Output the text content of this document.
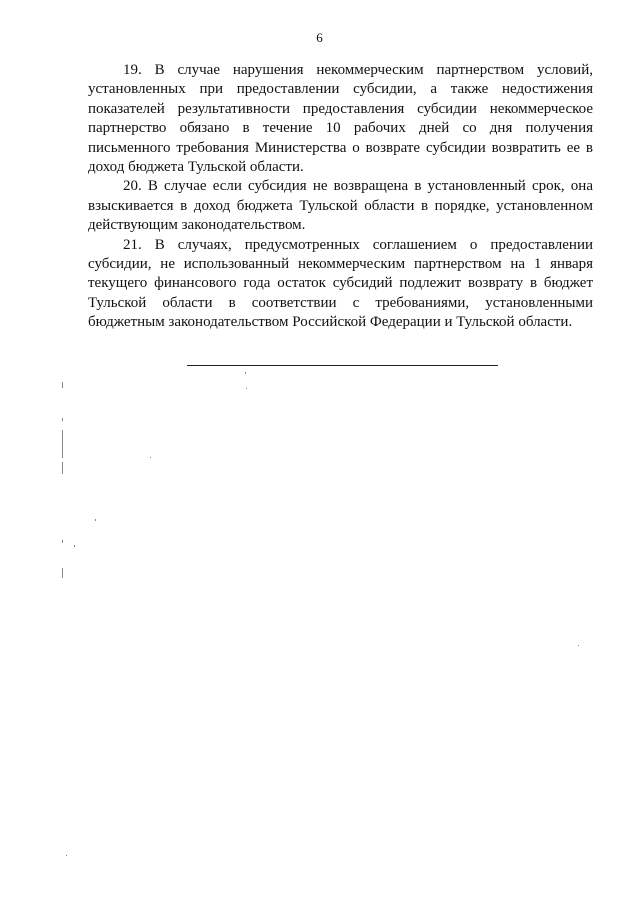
6

19. В случае нарушения некоммерческим партнерством условий, установленных при предоставлении субсидии, а также недостижения показателей результативности предоставления субсидии некоммерческое партнерство обязано в течение 10 рабочих дней со дня получения письменного требования Министерства о возврате субсидии возвратить ее в доход бюджета Тульской области.

20. В случае если субсидия не возвращена в установленный срок, она взыскивается в доход бюджета Тульской области в порядке, установленном действующим законодательством.

21. В случаях, предусмотренных соглашением о предоставлении субсидии, не использованный некоммерческим партнерством на 1 января текущего финансового года остаток субсидий подлежит возврату в бюджет Тульской области в соответствии с требованиями, установленными бюджетным законодательством Российской Федерации и Тульской области.
